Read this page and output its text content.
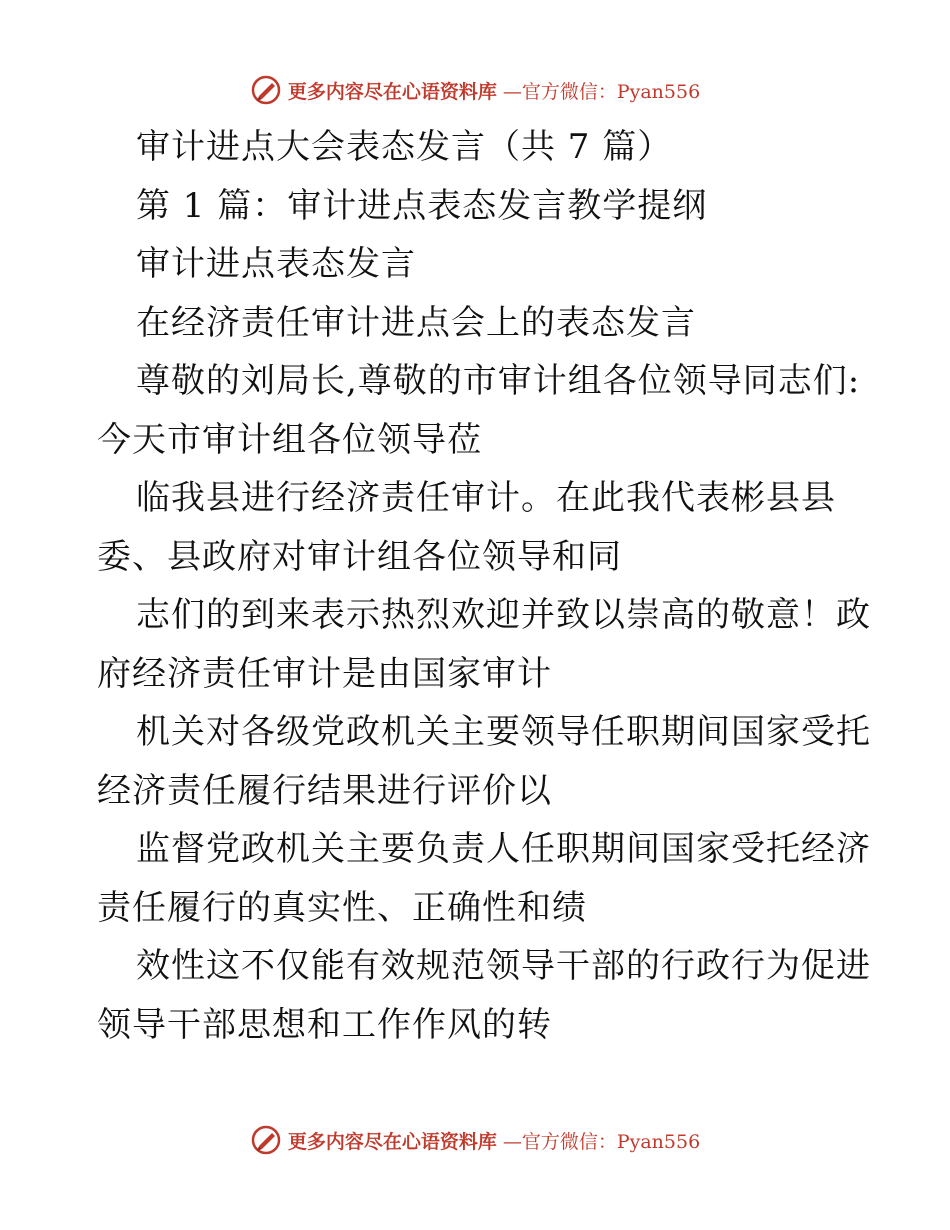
更多内容尽在心语资料库 —官方微信：Pyan556
审计进点大会表态发言（共 7 篇）
第 1 篇：审计进点表态发言教学提纲
审计进点表态发言
在经济责任审计进点会上的表态发言
尊敬的刘局长,尊敬的市审计组各位领导同志们:
今天市审计组各位领导莅
临我县进行经济责任审计。在此我代表彬县县
委、县政府对审计组各位领导和同
志们的到来表示热烈欢迎并致以崇高的敬意！政
府经济责任审计是由国家审计
机关对各级党政机关主要领导任职期间国家受托
经济责任履行结果进行评价以
监督党政机关主要负责人任职期间国家受托经济
责任履行的真实性、正确性和绩
效性这不仅能有效规范领导干部的行政行为促进
领导干部思想和工作作风的转
更多内容尽在心语资料库 —官方微信：Pyan556
